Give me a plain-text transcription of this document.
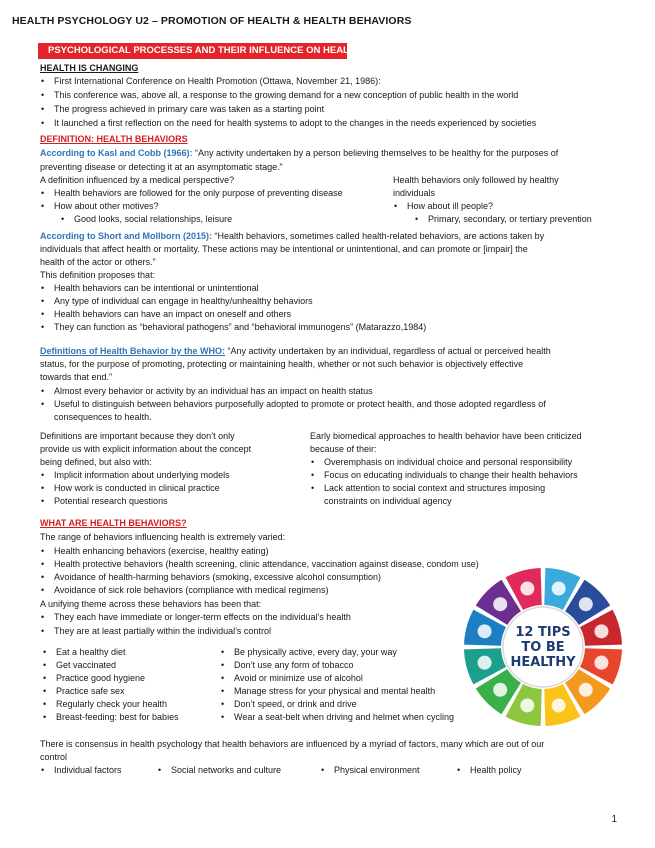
HEALTH PSYCHOLOGY U2 – PROMOTION OF HEALTH & HEALTH BEHAVIORS
PSYCHOLOGICAL PROCESSES AND THEIR INFLUENCE ON HEALTH
HEALTH IS CHANGING
• First International Conference on Health Promotion (Ottawa, November 21, 1986):
• This conference was, above all, a response to the growing demand for a new conception of public health in the world
• The progress achieved in primary care was taken as a starting point
• It launched a first reflection on the need for health systems to adopt to the changes in the needs experienced by societies
DEFINITION: HEALTH BEHAVIORS
According to Kasl and Cobb (1966): “Any activity undertaken by a person believing themselves to be healthy for the purposes of
preventing disease or detecting it at an asymptomatic stage.”
A definition influenced by a medical perspective?
• Health behaviors are followed for the only purpose of preventing disease
• How about other motives?
• Good looks, social relationships, leisure
Health behaviors only followed by healthy
individuals
• How about ill people?
• Primary, secondary, or tertiary prevention
According to Short and Mollborn (2015): “Health behaviors, sometimes called health-related behaviors, are actions taken by
individuals that affect health or mortality. These actions may be intentional or unintentional, and can promote or [impair] the
health of the actor or others.”
This definition proposes that:
• Health behaviors can be intentional or unintentional
• Any type of individual can engage in healthy/unhealthy behaviors
• Health behaviors can have an impact on oneself and others
• They can function as “behavioral pathogens” and “behavioral immunogens” (Matarazzo,1984)
Definitions of Health Behavior by the WHO: “Any activity undertaken by an individual, regardless of actual or perceived health
status, for the purpose of promoting, protecting or maintaining health, whether or not such behavior is objectively effective
towards that end.”
• Almost every behavior or activity by an individual has an impact on health status
• Useful to distinguish between behaviors purposefully adopted to promote or protect health, and those adopted regardless of
consequences to health.
Definitions are important because they don’t only
provide us with explicit information about the concept
being defined, but also with:
• Implicit information about underlying models
• How work is conducted in clinical practice
• Potential research questions
Early biomedical approaches to health behavior have been criticized
because of their:
• Overemphasis on individual choice and personal responsibility
• Focus on educating individuals to change their health behaviors
• Lack attention to social context and structures imposing
constraints on individual agency
WHAT ARE HEALTH BEHAVIORS?
The range of behaviors influencing health is extremely varied:
• Health enhancing behaviors (exercise, healthy eating)
• Health protective behaviors (health screening, clinic attendance, vaccination against disease, condom use)
• Avoidance of health-harming behaviors (smoking, excessive alcohol consumption)
• Avoidance of sick role behaviors (compliance with medical regimens)
A unifying theme across these behaviors has been that:
• They each have immediate or longer-term effects on the individual’s health
• They are at least partially within the individual’s control
• Eat a healthy diet
• Get vaccinated
• Practice good hygiene
• Practice safe sex
• Regularly check your health
• Breast-feeding: best for babies
• Be physically active, every day, your way
• Don’t use any form of tobacco
• Avoid or minimize use of alcohol
• Manage stress for your physical and mental health
• Don’t speed, or drink and drive
• Wear a seat-belt when driving and helmet when cycling
There is consensus in health psychology that health behaviors are influenced by a myriad of factors, many which are out of our
control
• Individual factors	• Social networks and culture	• Physical environment	• Health policy
12 TIPS
TO BE
HEALTHY
1
